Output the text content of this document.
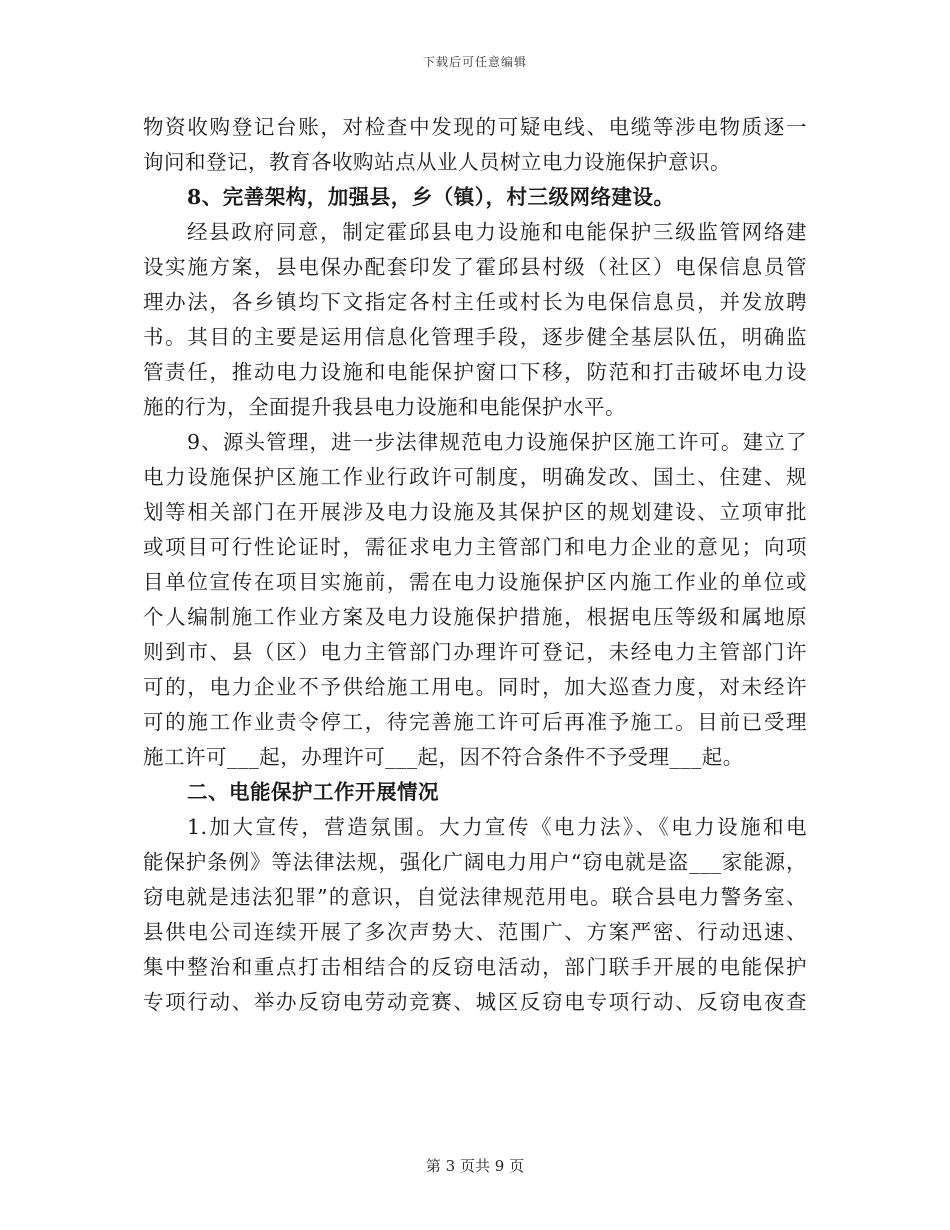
下载后可任意编辑
物资收购登记台账，对检查中发现的可疑电线、电缆等涉电物质逐一
询问和登记，教育各收购站点从业人员树立电力设施保护意识。
8、完善架构，加强县，乡（镇），村三级网络建设。
经县政府同意，制定霍邱县电力设施和电能保护三级监管网络建
设实施方案，县电保办配套印发了霍邱县村级（社区）电保信息员管
理办法，各乡镇均下文指定各村主任或村长为电保信息员，并发放聘
书。其目的主要是运用信息化管理手段，逐步健全基层队伍，明确监
管责任，推动电力设施和电能保护窗口下移，防范和打击破坏电力设
施的行为，全面提升我县电力设施和电能保护水平。
9、源头管理，进一步法律规范电力设施保护区施工许可。建立了
电力设施保护区施工作业行政许可制度，明确发改、国土、住建、规
划等相关部门在开展涉及电力设施及其保护区的规划建设、立项审批
或项目可行性论证时，需征求电力主管部门和电力企业的意见；向项
目单位宣传在项目实施前，需在电力设施保护区内施工作业的单位或
个人编制施工作业方案及电力设施保护措施，根据电压等级和属地原
则到市、县（区）电力主管部门办理许可登记，未经电力主管部门许
可的，电力企业不予供给施工用电。同时，加大巡查力度，对未经许
可的施工作业责令停工，待完善施工许可后再准予施工。目前已受理
施工许可___起，办理许可___起，因不符合条件不予受理___起。
二、电能保护工作开展情况
1.加大宣传，营造氛围。大力宣传《电力法》、《电力设施和电
能保护条例》等法律法规，强化广阔电力用户“窃电就是盗___家能源，
窃电就是违法犯罪”的意识，自觉法律规范用电。联合县电力警务室、
县供电公司连续开展了多次声势大、范围广、方案严密、行动迅速、
集中整治和重点打击相结合的反窃电活动，部门联手开展的电能保护
专项行动、举办反窃电劳动竞赛、城区反窃电专项行动、反窃电夜查
第 3 页共 9 页
